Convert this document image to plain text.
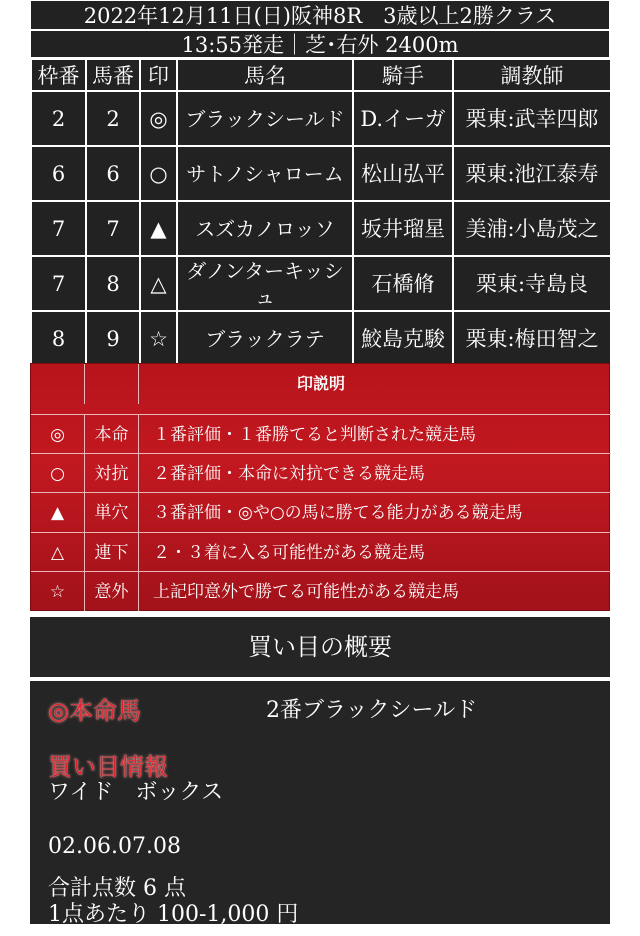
2022年12月11日(日)阪神8R　3歳以上2勝クラス
13:55発走｜芝･右外 2400m
枠番	馬番	印	馬名	騎手	調教師
2	2	◎	ブラックシールド	D.イーガ	栗東:武幸四郎
6	6	○	サトノシャローム	松山弘平	栗東:池江泰寿
7	7	▲	スズカノロッソ	坂井瑠星	美浦:小島茂之
7	8	△	ダノンターキッシュ	石橋脩	栗東:寺島良
8	9	☆	ブラックラテ	鮫島克駿	栗東:梅田智之
印説明
◎	本命	１番評価・１番勝てると判断された競走馬
○	対抗	２番評価・本命に対抗できる競走馬
▲	単穴	３番評価・◎や○の馬に勝てる能力がある競走馬
△	連下	２・３着に入る可能性がある競走馬
☆	意外	上記印意外で勝てる可能性がある競走馬
買い目の概要
◎本命馬	2番ブラックシールド
買い目情報
ワイド　ボックス
02.06.07.08
合計点数 6 点
1点あたり 100-1,000 円
